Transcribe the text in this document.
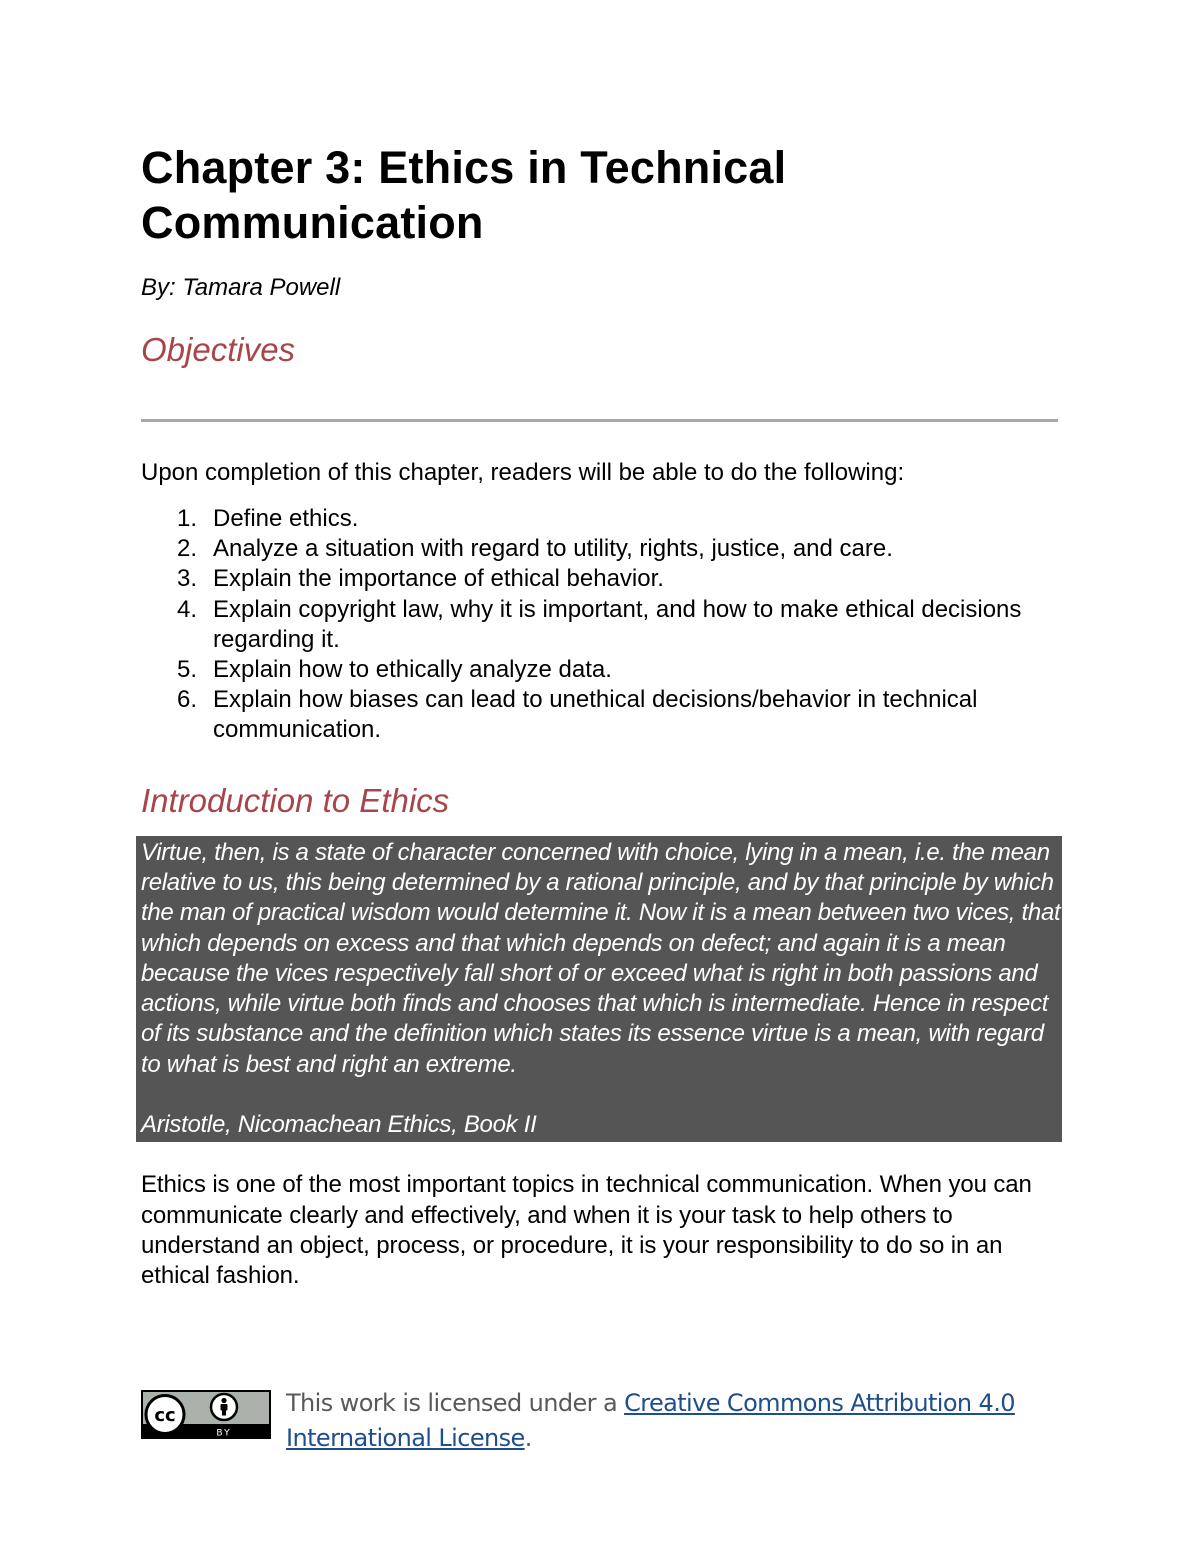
Chapter 3: Ethics in Technical Communication
By: Tamara Powell
Objectives
Upon completion of this chapter, readers will be able to do the following:
1. Define ethics.
2. Analyze a situation with regard to utility, rights, justice, and care.
3. Explain the importance of ethical behavior.
4. Explain copyright law, why it is important, and how to make ethical decisions regarding it.
5. Explain how to ethically analyze data.
6. Explain how biases can lead to unethical decisions/behavior in technical communication.
Introduction to Ethics

Virtue, then, is a state of character concerned with choice, lying in a mean, i.e. the mean relative to us, this being determined by a rational principle, and by that principle by which the man of practical wisdom would determine it. Now it is a mean between two vices, that which depends on excess and that which depends on defect; and again it is a mean because the vices respectively fall short of or exceed what is right in both passions and actions, while virtue both finds and chooses that which is intermediate. Hence in respect of its substance and the definition which states its essence virtue is a mean, with regard to what is best and right an extreme.

Aristotle, Nicomachean Ethics, Book II

Ethics is one of the most important topics in technical communication. When you can communicate clearly and effectively, and when it is your task to help others to understand an object, process, or procedure, it is your responsibility to do so in an ethical fashion.

cc
BY
This work is licensed under a Creative Commons Attribution 4.0 International License.
